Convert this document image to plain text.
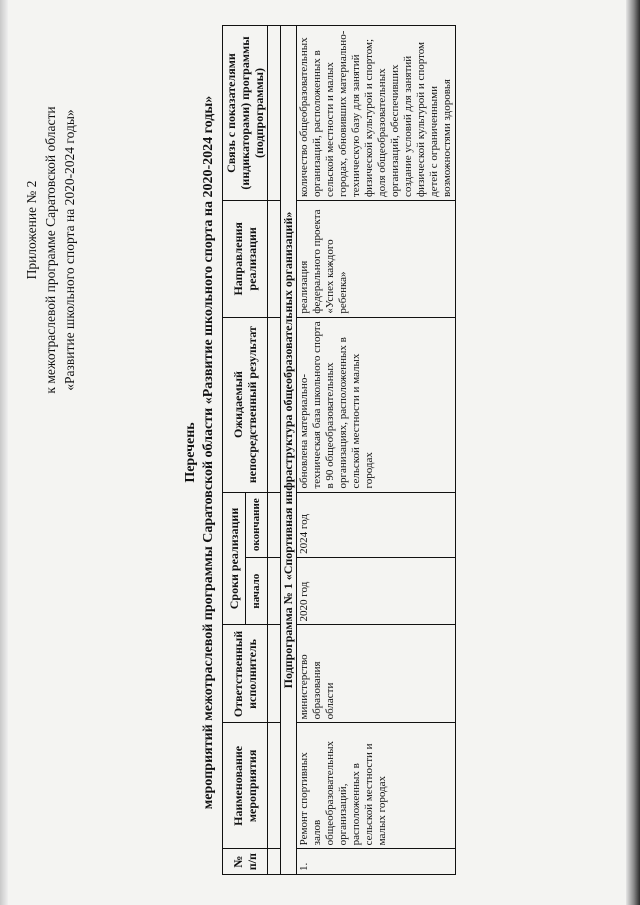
Приложение № 2 к межотраслевой программе Саратовской области «Развитие школьного спорта на 2020-2024 годы»
Перечень мероприятий межотраслевой программы Саратовской области «Развитие школьного спорта на 2020-2024 годы»
№ п/п	Наименование мероприятия	Ответственный исполнитель	Сроки реализации		Ожидаемый непосредственный результат	Направления реализации	Связь с показателями (индикаторами) программы (подпрограммы)
			начало	окончание			

Подпрограмма № 1 «Спортивная инфраструктура общеобразовательных организаций»							
1.	Ремонт спортивных залов общеобразовательных организаций, расположенных в сельской местности и малых городах	министерство образования области	2020 год	2024 год	обновлена материально-техническая база школьного спорта в 90 общеобразовательных организациях, расположенных в сельской местности и малых городах	реализация федерального проекта «Успех каждого ребенка»	количество общеобразовательных организаций, расположенных в сельской местности и малых городах, обновивших материально-техническую базу для занятий физической культурой и спортом; доля общеобразовательных организаций, обеспечивших создание условий для занятий физической культурой и спортом детей с ограниченными возможностями здоровья
